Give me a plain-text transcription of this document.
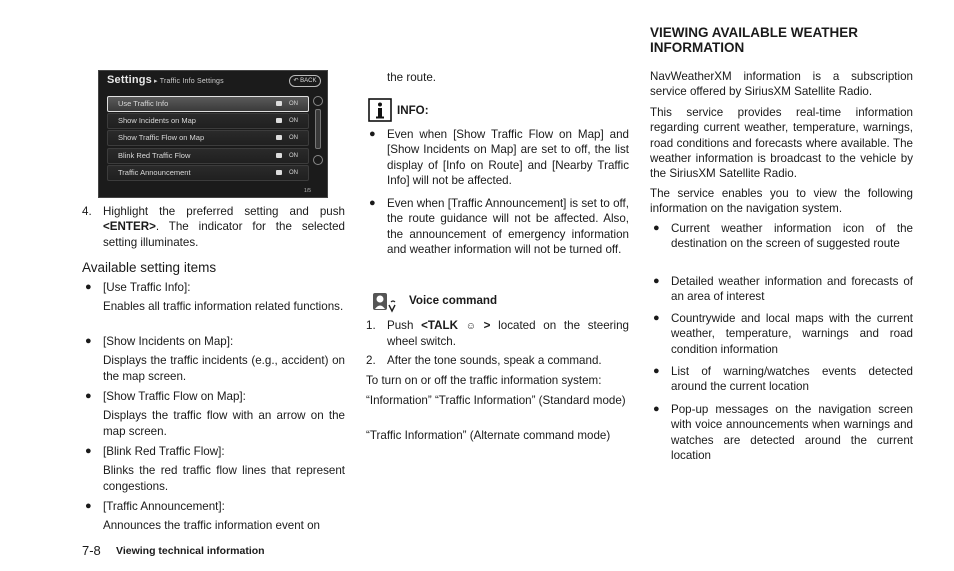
Settings ▸ Traffic Info Settings	↶ BACK
Use Traffic Info	ON
Show Incidents on Map	ON
Show Traffic Flow on Map	ON
Blink Red Traffic Flow	ON
Traffic Announcement	ON
1/5
4. Highlight the preferred setting and push <ENTER>. The indicator for the selected setting illuminates.
Available setting items
● [Use Traffic Info]:
Enables all traffic information related functions.
● [Show Incidents on Map]:
Displays the traffic incidents (e.g., accident) on the map screen.
● [Show Traffic Flow on Map]:
Displays the traffic flow with an arrow on the map screen.
● [Blink Red Traffic Flow]:
Blinks the red traffic flow lines that represent congestions.
● [Traffic Announcement]:
Announces the traffic information event on

the route.

INFO:
● Even when [Show Traffic Flow on Map] and [Show Incidents on Map] are set to off, the list display of [Info on Route] and [Nearby Traffic Info] will not be affected.
● Even when [Traffic Announcement] is set to off, the route guidance will not be affected. Also, the announcement of emergency information and weather information will not be turned off.
Voice command
1. Push <TALK ☺ > located on the steering wheel switch.
2. After the tone sounds, speak a command.

To turn on or off the traffic information system:

“Information” “Traffic Information” (Standard mode)

“Traffic Information” (Alternate command mode)

VIEWING AVAILABLE WEATHER
INFORMATION

NavWeatherXM information is a subscription service offered by SiriusXM Satellite Radio.

This service provides real-time information regarding current weather, temperature, warnings, road conditions and forecasts where available. The weather information is broadcast to the vehicle by the SiriusXM Satellite Radio.

The service enables you to view the following information on the navigation system.

● Current weather information icon of the destination on the screen of suggested route
● Detailed weather information and forecasts of an area of interest
● Countrywide and local maps with the current weather, temperature, warnings and road condition information
● List of warning/watches events detected around the current location
● Pop-up messages on the navigation screen with voice announcements when warnings and watches are detected around the current location
7-8 Viewing technical information
